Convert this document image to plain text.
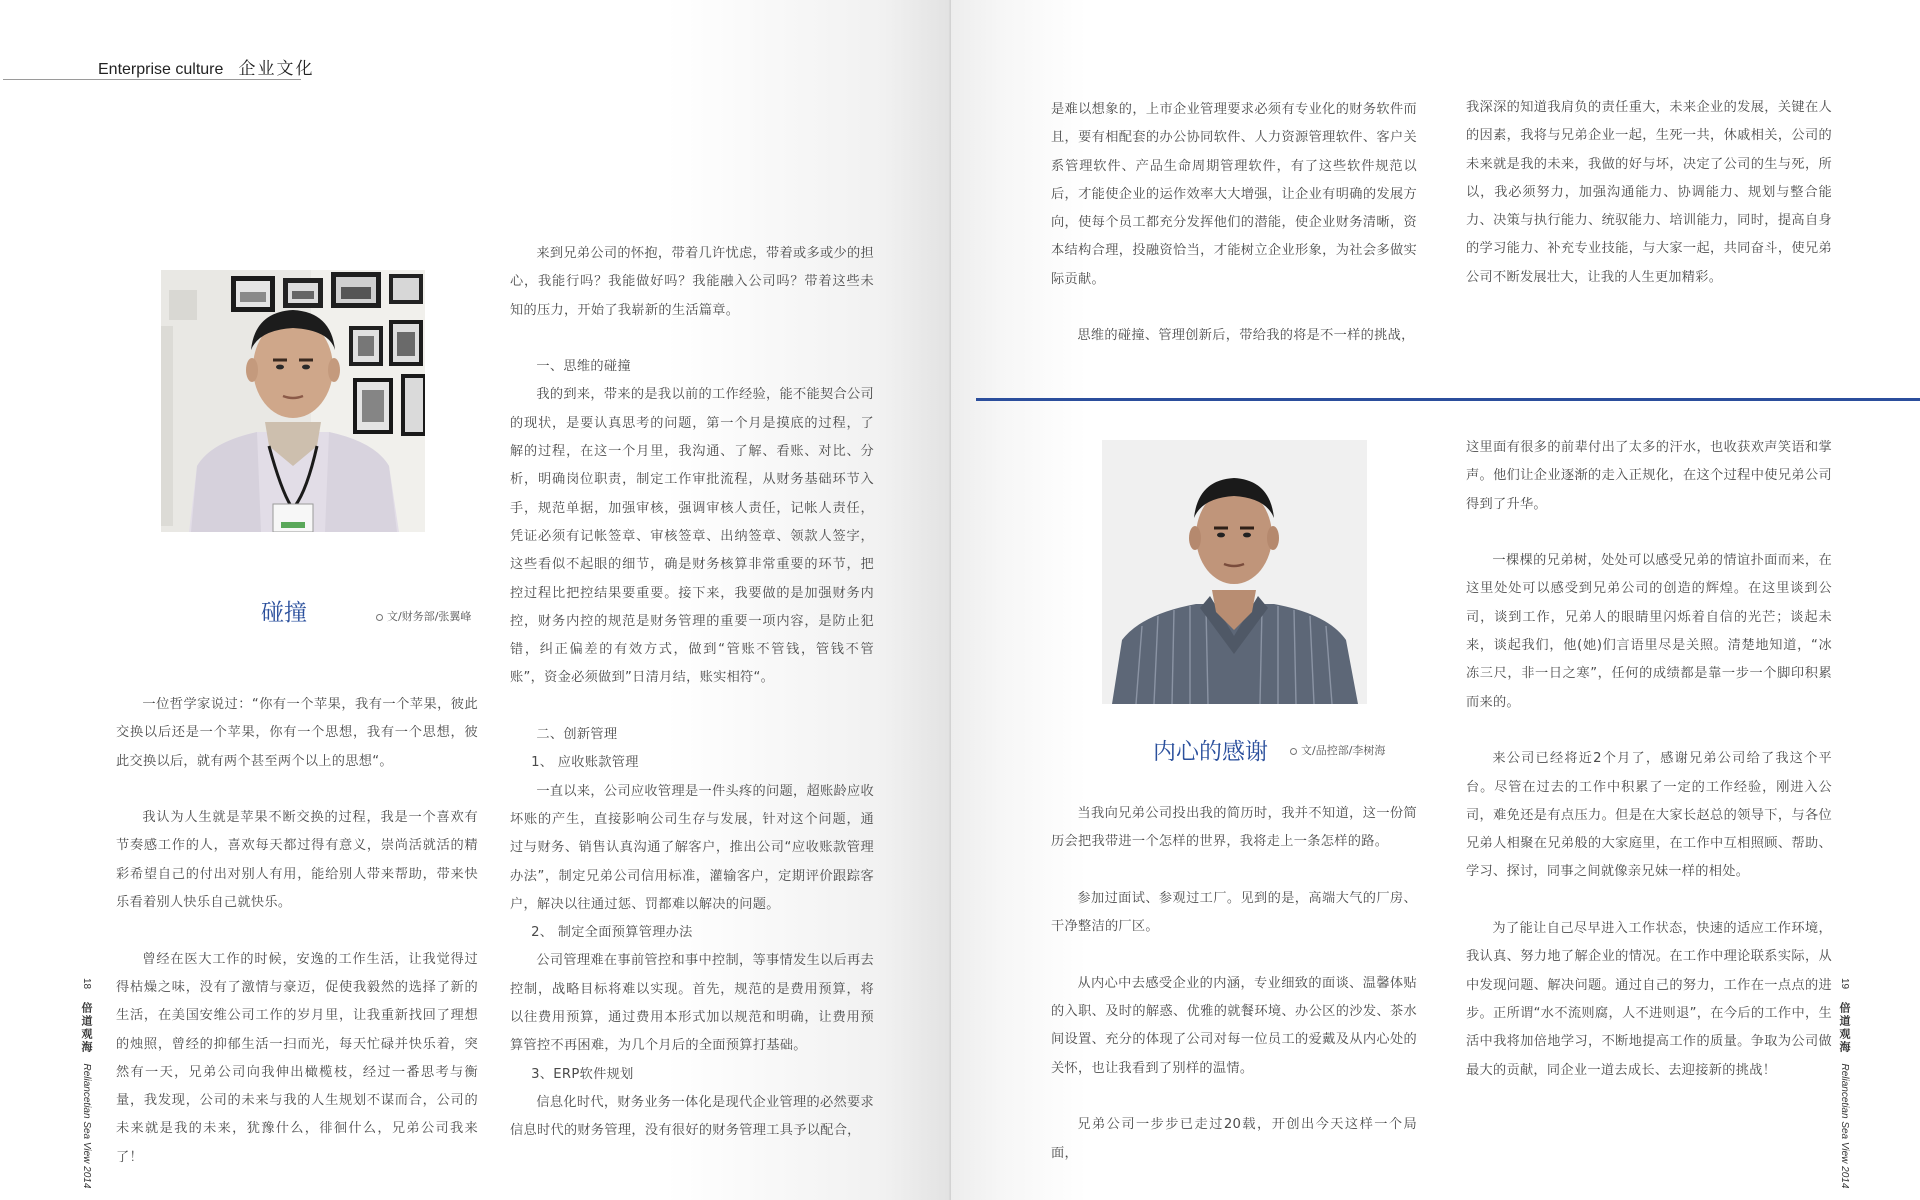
Enterprise culture 企业文化
碰撞	文/财务部/张翼峰

一位哲学家说过：“你有一个苹果，我有一个苹果，彼此交换以后还是一个苹果，你有一个思想，我有一个思想，彼此交换以后，就有两个甚至两个以上的思想“。

我认为人生就是苹果不断交换的过程，我是一个喜欢有节奏感工作的人，喜欢每天都过得有意义，崇尚活就活的精彩希望自己的付出对别人有用，能给别人带来帮助，带来快乐看着别人快乐自己就快乐。

曾经在医大工作的时候，安逸的工作生活，让我觉得过得枯燥之味，没有了激情与豪迈，促使我毅然的选择了新的生活，在美国安维公司工作的岁月里，让我重新找回了理想的烛照，曾经的抑郁生活一扫而光，每天忙碌并快乐着，突然有一天，兄弟公司向我伸出橄榄枝，经过一番思考与衡量，我发现，公司的未来与我的人生规划不谋而合，公司的未来就是我的未来，犹豫什么，徘徊什么，兄弟公司我来了！

来到兄弟公司的怀抱，带着几许忧虑，带着或多或少的担心，我能行吗？我能做好吗？我能融入公司吗？带着这些未知的压力，开始了我崭新的生活篇章。

一、思维的碰撞

我的到来，带来的是我以前的工作经验，能不能契合公司的现状，是要认真思考的问题，第一个月是摸底的过程，了解的过程，在这一个月里，我沟通、了解、看账、对比、分析，明确岗位职责，制定工作审批流程，从财务基础环节入手，规范单据，加强审核，强调审核人责任，记帐人责任，凭证必须有记帐签章、审核签章、出纳签章、领款人签字，这些看似不起眼的细节，确是财务核算非常重要的环节，把控过程比把控结果要重要。接下来，我要做的是加强财务内控，财务内控的规范是财务管理的重要一项内容，是防止犯错，纠正偏差的有效方式，做到“管账不管钱，管钱不管账”，资金必须做到”日清月结，账实相符“。

二、创新管理

1、 应收账款管理

一直以来，公司应收管理是一件头疼的问题，超账龄应收坏账的产生，直接影响公司生存与发展，针对这个问题，通过与财务、销售认真沟通了解客户，推出公司“应收账款管理办法”，制定兄弟公司信用标准，灌输客户，定期评价跟踪客户，解决以往通过惩、罚都难以解决的问题。

2、 制定全面预算管理办法

公司管理难在事前管控和事中控制，等事情发生以后再去控制，战略目标将难以实现。首先，规范的是费用预算，将以往费用预算，通过费用本形式加以规范和明确，让费用预算管控不再困难，为几个月后的全面预算打基础。

3、ERP软件规划

信息化时代，财务业务一体化是现代企业管理的必然要求信息时代的财务管理，没有很好的财务管理工具予以配合，

18 倍道观海 Reliancetian Sea View 2014

是难以想象的，上市企业管理要求必须有专业化的财务软件而且，要有相配套的办公协同软件、人力资源管理软件、客户关系管理软件、产品生命周期管理软件，有了这些软件规范以后，才能使企业的运作效率大大增强，让企业有明确的发展方向，使每个员工都充分发挥他们的潜能，使企业财务清晰，资本结构合理，投融资恰当，才能树立企业形象，为社会多做实际贡献。

思维的碰撞、管理创新后，带给我的将是不一样的挑战，

我深深的知道我肩负的责任重大，未来企业的发展，关键在人的因素，我将与兄弟企业一起，生死一共，休戚相关，公司的未来就是我的未来，我做的好与坏，决定了公司的生与死，所以，我必须努力，加强沟通能力、协调能力、规划与整合能力、决策与执行能力、统驭能力、培训能力，同时，提高自身的学习能力、补充专业技能，与大家一起，共同奋斗，使兄弟公司不断发展壮大，让我的人生更加精彩。

内心的感谢	文/品控部/李树海

当我向兄弟公司投出我的简历时，我并不知道，这一份简历会把我带进一个怎样的世界，我将走上一条怎样的路。

参加过面试、参观过工厂。见到的是，高端大气的厂房、干净整洁的厂区。

从内心中去感受企业的内涵，专业细致的面谈、温馨体贴的入职、及时的解惑、优雅的就餐环境、办公区的沙发、茶水间设置、充分的体现了公司对每一位员工的爱戴及从内心处的关怀，也让我看到了别样的温情。

兄弟公司一步步已走过20载，开创出今天这样一个局面，

这里面有很多的前辈付出了太多的汗水，也收获欢声笑语和掌声。他们让企业逐渐的走入正规化，在这个过程中使兄弟公司得到了升华。

一棵棵的兄弟树，处处可以感受兄弟的情谊扑面而来，在这里处处可以感受到兄弟公司的创造的辉煌。在这里谈到公司，谈到工作，兄弟人的眼睛里闪烁着自信的光芒；谈起未来，谈起我们，他(她)们言语里尽是关照。清楚地知道，“冰冻三尺，非一日之寒”，任何的成绩都是靠一步一个脚印积累而来的。

来公司已经将近2个月了，感谢兄弟公司给了我这个平台。尽管在过去的工作中积累了一定的工作经验，刚进入公司，难免还是有点压力。但是在大家长赵总的领导下，与各位兄弟人相聚在兄弟般的大家庭里，在工作中互相照顾、帮助、学习、探讨，同事之间就像亲兄妹一样的相处。

为了能让自己尽早进入工作状态，快速的适应工作环境，我认真、努力地了解企业的情况。在工作中理论联系实际，从中发现问题、解决问题。通过自己的努力，工作在一点点的进步。正所谓“水不流则腐，人不进则退”，在今后的工作中，生活中我将加倍地学习，不断地提高工作的质量。争取为公司做最大的贡献，同企业一道去成长、去迎接新的挑战！

19 倍道观海 Reliancetian Sea View 2014
